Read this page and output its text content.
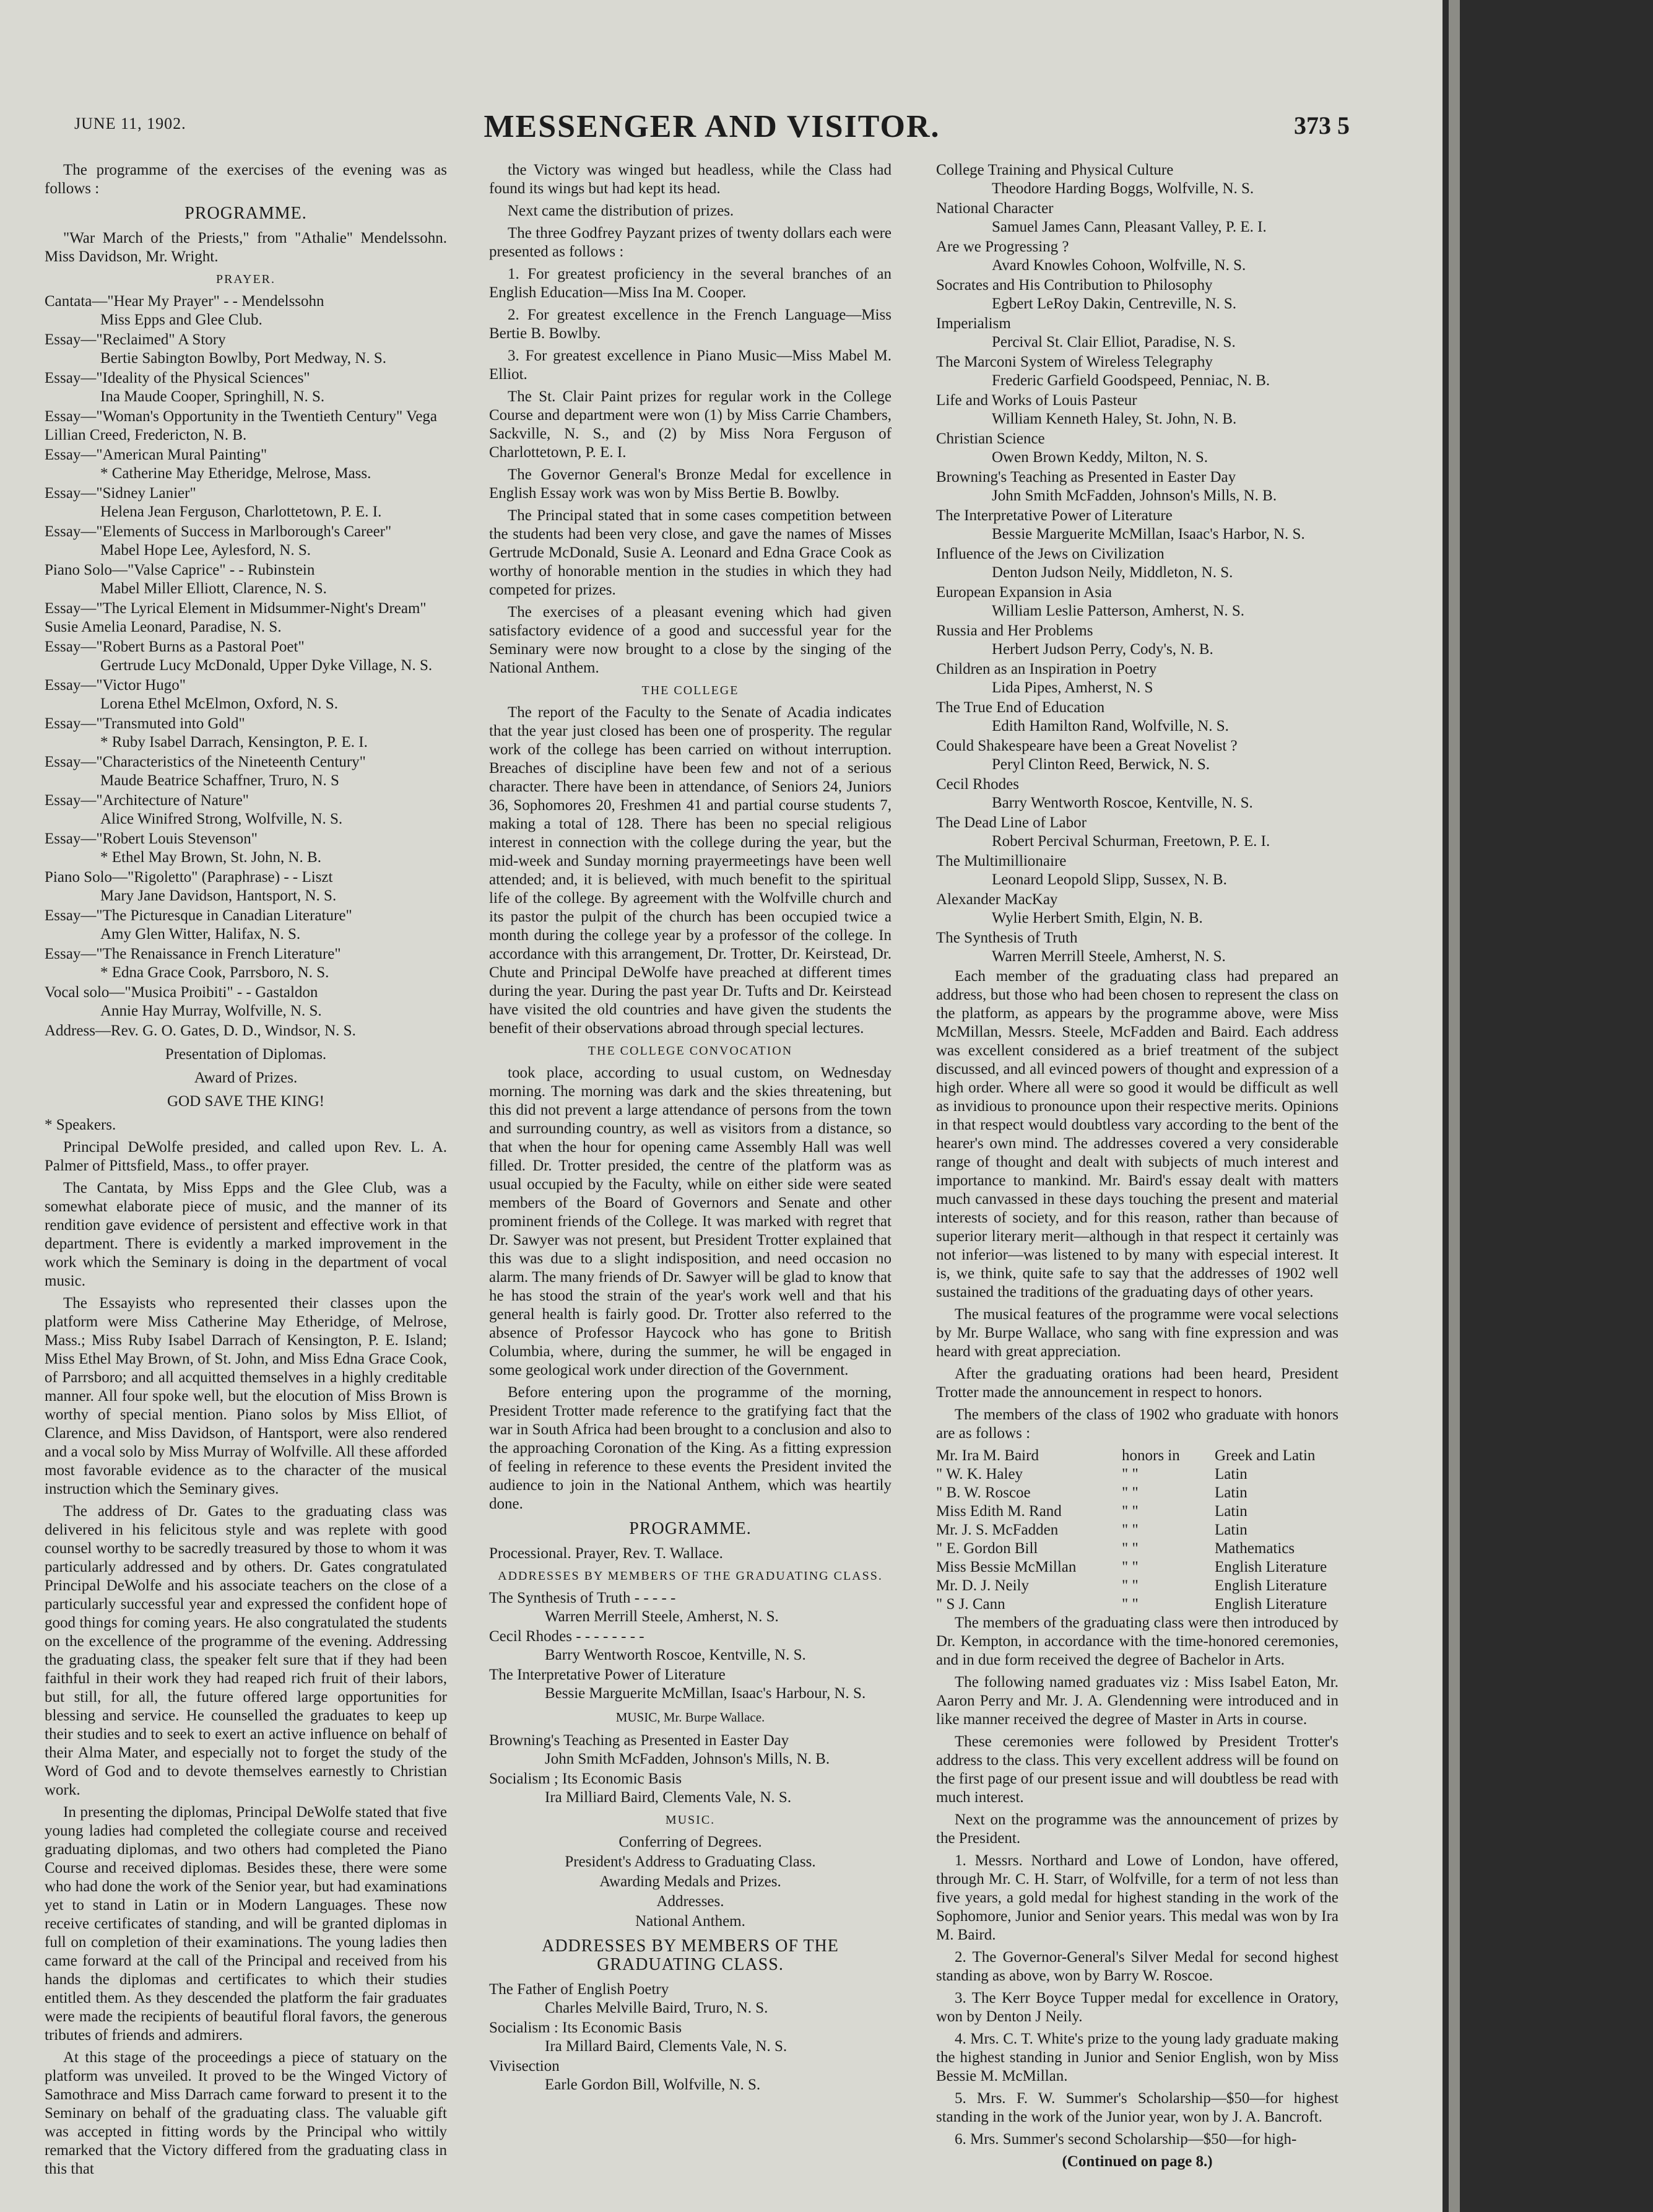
JUNE 11, 1902.	MESSENGER AND VISITOR.	373 5

The programme of the exercises of the evening was as follows :

PROGRAMME.

"War March of the Priests," from "Athalie" Mendelssohn. Miss Davidson, Mr. Wright.

PRAYER.
Cantata—"Hear My Prayer" - - Mendelssohn
Miss Epps and Glee Club.
Essay—"Reclaimed" A Story
Bertie Sabington Bowlby, Port Medway, N. S.
Essay—"Ideality of the Physical Sciences"
Ina Maude Cooper, Springhill, N. S.
Essay—"Woman's Opportunity in the Twentieth Century" Vega Lillian Creed, Fredericton, N. B.
Essay—"American Mural Painting"
* Catherine May Etheridge, Melrose, Mass.
Essay—"Sidney Lanier"
Helena Jean Ferguson, Charlottetown, P. E. I.
Essay—"Elements of Success in Marlborough's Career"
Mabel Hope Lee, Aylesford, N. S.
Piano Solo—"Valse Caprice" - - Rubinstein
Mabel Miller Elliott, Clarence, N. S.
Essay—"The Lyrical Element in Midsummer-Night's Dream" Susie Amelia Leonard, Paradise, N. S.
Essay—"Robert Burns as a Pastoral Poet"
Gertrude Lucy McDonald, Upper Dyke Village, N. S.
Essay—"Victor Hugo"
Lorena Ethel McElmon, Oxford, N. S.
Essay—"Transmuted into Gold"
* Ruby Isabel Darrach, Kensington, P. E. I.
Essay—"Characteristics of the Nineteenth Century"
Maude Beatrice Schaffner, Truro, N. S
Essay—"Architecture of Nature"
Alice Winifred Strong, Wolfville, N. S.
Essay—"Robert Louis Stevenson"
* Ethel May Brown, St. John, N. B.
Piano Solo—"Rigoletto" (Paraphrase) - - Liszt
Mary Jane Davidson, Hantsport, N. S.
Essay—"The Picturesque in Canadian Literature"
Amy Glen Witter, Halifax, N. S.
Essay—"The Renaissance in French Literature"
* Edna Grace Cook, Parrsboro, N. S.
Vocal solo—"Musica Proibiti" - - Gastaldon
Annie Hay Murray, Wolfville, N. S.
Address—Rev. G. O. Gates, D. D., Windsor, N. S.
Presentation of Diplomas.
Award of Prizes.
GOD SAVE THE KING!

* Speakers.

Principal DeWolfe presided, and called upon Rev. L. A. Palmer of Pittsfield, Mass., to offer prayer.

The Cantata, by Miss Epps and the Glee Club, was a somewhat elaborate piece of music, and the manner of its rendition gave evidence of persistent and effective work in that department. There is evidently a marked improvement in the work which the Seminary is doing in the department of vocal music.

The Essayists who represented their classes upon the platform were Miss Catherine May Etheridge, of Melrose, Mass.; Miss Ruby Isabel Darrach of Kensington, P. E. Island; Miss Ethel May Brown, of St. John, and Miss Edna Grace Cook, of Parrsboro; and all acquitted themselves in a highly creditable manner. All four spoke well, but the elocution of Miss Brown is worthy of special mention. Piano solos by Miss Elliot, of Clarence, and Miss Davidson, of Hantsport, were also rendered and a vocal solo by Miss Murray of Wolfville. All these afforded most favorable evidence as to the character of the musical instruction which the Seminary gives.

The address of Dr. Gates to the graduating class was delivered in his felicitous style and was replete with good counsel worthy to be sacredly treasured by those to whom it was particularly addressed and by others. Dr. Gates congratulated Principal DeWolfe and his associate teachers on the close of a particularly successful year and expressed the confident hope of good things for coming years. He also congratulated the students on the excellence of the programme of the evening. Addressing the graduating class, the speaker felt sure that if they had been faithful in their work they had reaped rich fruit of their labors, but still, for all, the future offered large opportunities for blessing and service. He counselled the graduates to keep up their studies and to seek to exert an active influence on behalf of their Alma Mater, and especially not to forget the study of the Word of God and to devote themselves earnestly to Christian work.

In presenting the diplomas, Principal DeWolfe stated that five young ladies had completed the collegiate course and received graduating diplomas, and two others had completed the Piano Course and received diplomas. Besides these, there were some who had done the work of the Senior year, but had examinations yet to stand in Latin or in Modern Languages. These now receive certificates of standing, and will be granted diplomas in full on completion of their examinations. The young ladies then came forward at the call of the Principal and received from his hands the diplomas and certificates to which their studies entitled them. As they descended the platform the fair graduates were made the recipients of beautiful floral favors, the generous tributes of friends and admirers.

At this stage of the proceedings a piece of statuary on the platform was unveiled. It proved to be the Winged Victory of Samothrace and Miss Darrach came forward to present it to the Seminary on behalf of the graduating class. The valuable gift was accepted in fitting words by the Principal who wittily remarked that the Victory differed from the graduating class in this that

the Victory was winged but headless, while the Class had found its wings but had kept its head.

Next came the distribution of prizes.

The three Godfrey Payzant prizes of twenty dollars each were presented as follows :

1. For greatest proficiency in the several branches of an English Education—Miss Ina M. Cooper.

2. For greatest excellence in the French Language—Miss Bertie B. Bowlby.

3. For greatest excellence in Piano Music—Miss Mabel M. Elliot.

The St. Clair Paint prizes for regular work in the College Course and department were won (1) by Miss Carrie Chambers, Sackville, N. S., and (2) by Miss Nora Ferguson of Charlottetown, P. E. I.

The Governor General's Bronze Medal for excellence in English Essay work was won by Miss Bertie B. Bowlby.

The Principal stated that in some cases competition between the students had been very close, and gave the names of Misses Gertrude McDonald, Susie A. Leonard and Edna Grace Cook as worthy of honorable mention in the studies in which they had competed for prizes.

The exercises of a pleasant evening which had given satisfactory evidence of a good and successful year for the Seminary were now brought to a close by the singing of the National Anthem.

THE COLLEGE

The report of the Faculty to the Senate of Acadia indicates that the year just closed has been one of prosperity. The regular work of the college has been carried on without interruption. Breaches of discipline have been few and not of a serious character. There have been in attendance, of Seniors 24, Juniors 36, Sophomores 20, Freshmen 41 and partial course students 7, making a total of 128. There has been no special religious interest in connection with the college during the year, but the mid-week and Sunday morning prayermeetings have been well attended; and, it is believed, with much benefit to the spiritual life of the college. By agreement with the Wolfville church and its pastor the pulpit of the church has been occupied twice a month during the college year by a professor of the college. In accordance with this arrangement, Dr. Trotter, Dr. Keirstead, Dr. Chute and Principal DeWolfe have preached at different times during the year. During the past year Dr. Tufts and Dr. Keirstead have visited the old countries and have given the students the benefit of their observations abroad through special lectures.

THE COLLEGE CONVOCATION

took place, according to usual custom, on Wednesday morning. The morning was dark and the skies threatening, but this did not prevent a large attendance of persons from the town and surrounding country, as well as visitors from a distance, so that when the hour for opening came Assembly Hall was well filled. Dr. Trotter presided, the centre of the platform was as usual occupied by the Faculty, while on either side were seated members of the Board of Governors and Senate and other prominent friends of the College. It was marked with regret that Dr. Sawyer was not present, but President Trotter explained that this was due to a slight indisposition, and need occasion no alarm. The many friends of Dr. Sawyer will be glad to know that he has stood the strain of the year's work well and that his general health is fairly good. Dr. Trotter also referred to the absence of Professor Haycock who has gone to British Columbia, where, during the summer, he will be engaged in some geological work under direction of the Government.

Before entering upon the programme of the morning, President Trotter made reference to the gratifying fact that the war in South Africa had been brought to a conclusion and also to the approaching Coronation of the King. As a fitting expression of feeling in reference to these events the President invited the audience to join in the National Anthem, which was heartily done.

PROGRAMME.

Processional. Prayer, Rev. T. Wallace.

ADDRESSES BY MEMBERS OF THE GRADUATING CLASS.
The Synthesis of Truth - - - - -
Warren Merrill Steele, Amherst, N. S.
Cecil Rhodes - - - - - - - -
Barry Wentworth Roscoe, Kentville, N. S.
The Interpretative Power of Literature
Bessie Marguerite McMillan, Isaac's Harbour, N. S.
MUSIC, Mr. Burpe Wallace.
Browning's Teaching as Presented in Easter Day
John Smith McFadden, Johnson's Mills, N. B.
Socialism ; Its Economic Basis
Ira Milliard Baird, Clements Vale, N. S.
MUSIC.
Conferring of Degrees.
President's Address to Graduating Class.
Awarding Medals and Prizes.
Addresses.
National Anthem.
ADDRESSES BY MEMBERS OF THE GRADUATING CLASS.
The Father of English Poetry
Charles Melville Baird, Truro, N. S.
Socialism : Its Economic Basis
Ira Millard Baird, Clements Vale, N. S.
Vivisection
Earle Gordon Bill, Wolfville, N. S.
College Training and Physical Culture
Theodore Harding Boggs, Wolfville, N. S.
National Character
Samuel James Cann, Pleasant Valley, P. E. I.
Are we Progressing ?
Avard Knowles Cohoon, Wolfville, N. S.
Socrates and His Contribution to Philosophy
Egbert LeRoy Dakin, Centreville, N. S.
Imperialism
Percival St. Clair Elliot, Paradise, N. S.
The Marconi System of Wireless Telegraphy
Frederic Garfield Goodspeed, Penniac, N. B.
Life and Works of Louis Pasteur
William Kenneth Haley, St. John, N. B.
Christian Science
Owen Brown Keddy, Milton, N. S.
Browning's Teaching as Presented in Easter Day
John Smith McFadden, Johnson's Mills, N. B.
The Interpretative Power of Literature
Bessie Marguerite McMillan, Isaac's Harbor, N. S.
Influence of the Jews on Civilization
Denton Judson Neily, Middleton, N. S.
European Expansion in Asia
William Leslie Patterson, Amherst, N. S.
Russia and Her Problems
Herbert Judson Perry, Cody's, N. B.
Children as an Inspiration in Poetry
Lida Pipes, Amherst, N. S
The True End of Education
Edith Hamilton Rand, Wolfville, N. S.
Could Shakespeare have been a Great Novelist ?
Peryl Clinton Reed, Berwick, N. S.
Cecil Rhodes
Barry Wentworth Roscoe, Kentville, N. S.
The Dead Line of Labor
Robert Percival Schurman, Freetown, P. E. I.
The Multimillionaire
Leonard Leopold Slipp, Sussex, N. B.
Alexander MacKay
Wylie Herbert Smith, Elgin, N. B.
The Synthesis of Truth
Warren Merrill Steele, Amherst, N. S.

Each member of the graduating class had prepared an address, but those who had been chosen to represent the class on the platform, as appears by the programme above, were Miss McMillan, Messrs. Steele, McFadden and Baird. Each address was excellent considered as a brief treatment of the subject discussed, and all evinced powers of thought and expression of a high order. Where all were so good it would be difficult as well as invidious to pronounce upon their respective merits. Opinions in that respect would doubtless vary according to the bent of the hearer's own mind. The addresses covered a very considerable range of thought and dealt with subjects of much interest and importance to mankind. Mr. Baird's essay dealt with matters much canvassed in these days touching the present and material interests of society, and for this reason, rather than because of superior literary merit—although in that respect it certainly was not inferior—was listened to by many with especial interest. It is, we think, quite safe to say that the addresses of 1902 well sustained the traditions of the graduating days of other years.

The musical features of the programme were vocal selections by Mr. Burpe Wallace, who sang with fine expression and was heard with great appreciation.

After the graduating orations had been heard, President Trotter made the announcement in respect to honors.

The members of the class of 1902 who graduate with honors are as follows :

Mr. Ira M. Baird	honors in	Greek and Latin
" W. K. Haley	" "	Latin
" B. W. Roscoe	" "	Latin
Miss Edith M. Rand	" "	Latin
Mr. J. S. McFadden	" "	Latin
" E. Gordon Bill	" "	Mathematics
Miss Bessie McMillan	" "	English Literature
Mr. D. J. Neily	" "	English Literature
" S J. Cann	" "	English Literature

The members of the graduating class were then introduced by Dr. Kempton, in accordance with the time-honored ceremonies, and in due form received the degree of Bachelor in Arts.

The following named graduates viz : Miss Isabel Eaton, Mr. Aaron Perry and Mr. J. A. Glendenning were introduced and in like manner received the degree of Master in Arts in course.

These ceremonies were followed by President Trotter's address to the class. This very excellent address will be found on the first page of our present issue and will doubtless be read with much interest.

Next on the programme was the announcement of prizes by the President.

1. Messrs. Northard and Lowe of London, have offered, through Mr. C. H. Starr, of Wolfville, for a term of not less than five years, a gold medal for highest standing in the work of the Sophomore, Junior and Senior years. This medal was won by Ira M. Baird.

2. The Governor-General's Silver Medal for second highest standing as above, won by Barry W. Roscoe.

3. The Kerr Boyce Tupper medal for excellence in Oratory, won by Denton J Neily.

4. Mrs. C. T. White's prize to the young lady graduate making the highest standing in Junior and Senior English, won by Miss Bessie M. McMillan.

5. Mrs. F. W. Summer's Scholarship—$50—for highest standing in the work of the Junior year, won by J. A. Bancroft.

6. Mrs. Summer's second Scholarship—$50—for high-

(Continued on page 8.)
